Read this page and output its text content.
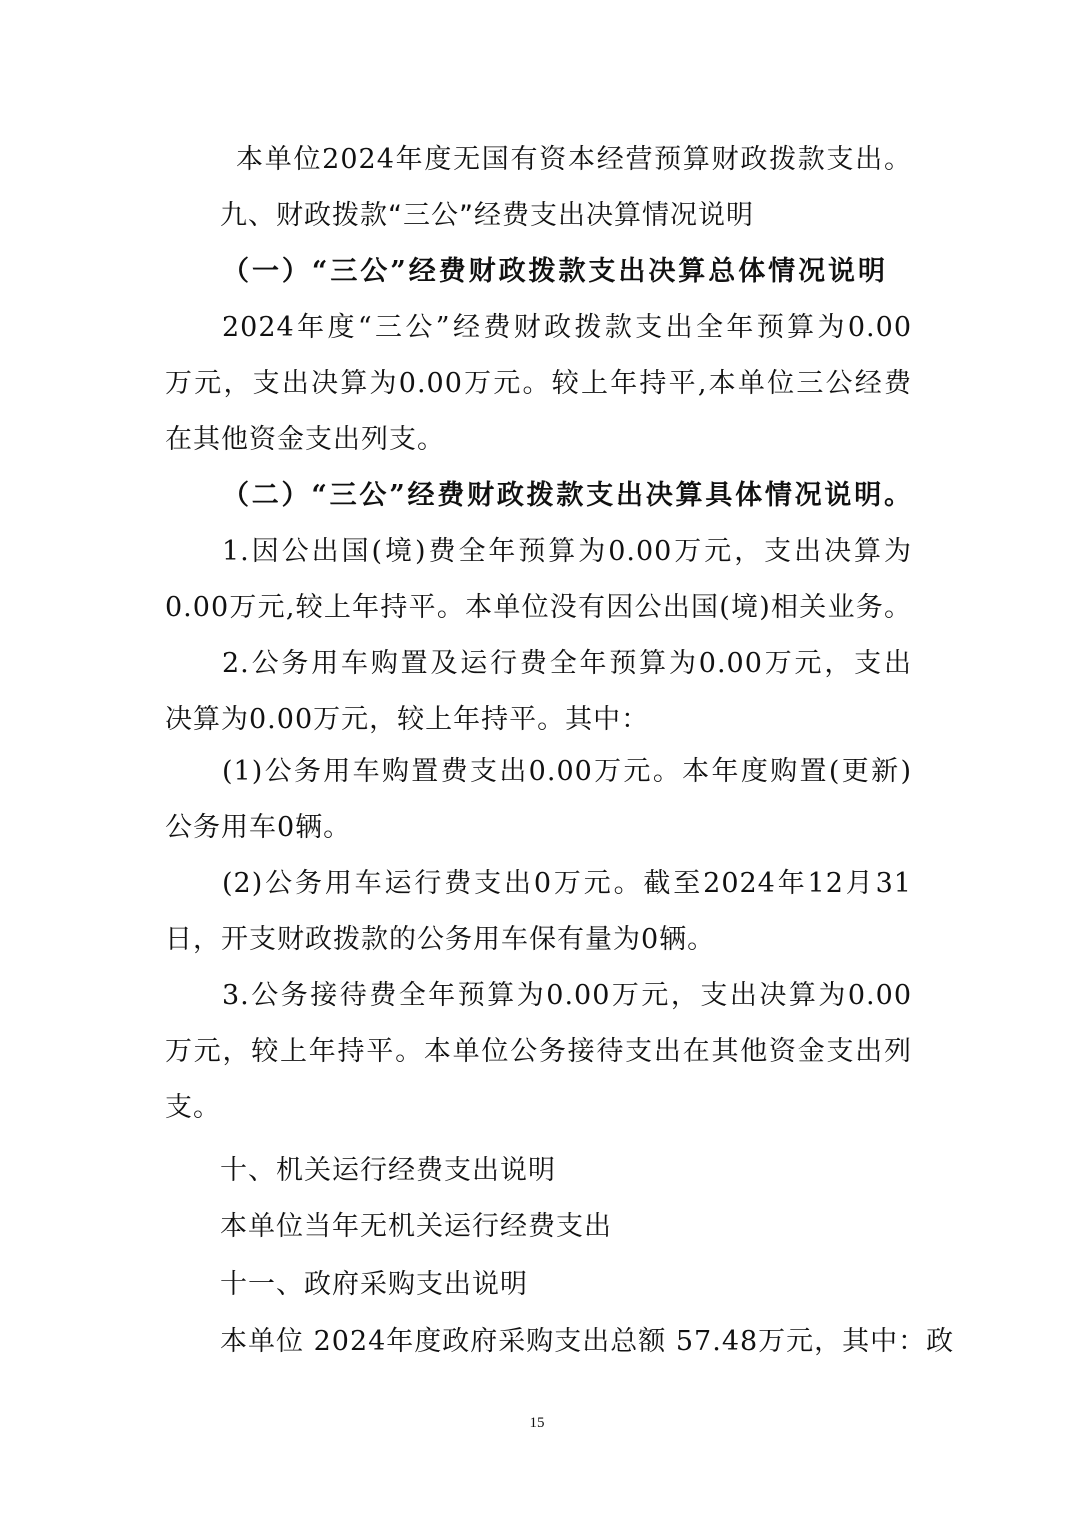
本单位2024年度无国有资本经营预算财政拨款支出。
九、财政拨款“三公”经费支出决算情况说明
（一）“三公”经费财政拨款支出决算总体情况说明
2024年度“三公”经费财政拨款支出全年预算为0.00
万元，支出决算为0.00万元。较上年持平,本单位三公经费
在其他资金支出列支。
（二）“三公”经费财政拨款支出决算具体情况说明。
1.因公出国(境)费全年预算为0.00万元，支出决算为
0.00万元,较上年持平。本单位没有因公出国(境)相关业务。
2.公务用车购置及运行费全年预算为0.00万元，支出
决算为0.00万元，较上年持平。其中：
(1)公务用车购置费支出0.00万元。本年度购置(更新)
公务用车0辆。
(2)公务用车运行费支出0万元。截至2024年12月31
日，开支财政拨款的公务用车保有量为0辆。
3.公务接待费全年预算为0.00万元，支出决算为0.00
万元，较上年持平。本单位公务接待支出在其他资金支出列
支。
十、机关运行经费支出说明
本单位当年无机关运行经费支出
十一、政府采购支出说明
本单位 2024年度政府采购支出总额 57.48万元，其中：政
15
